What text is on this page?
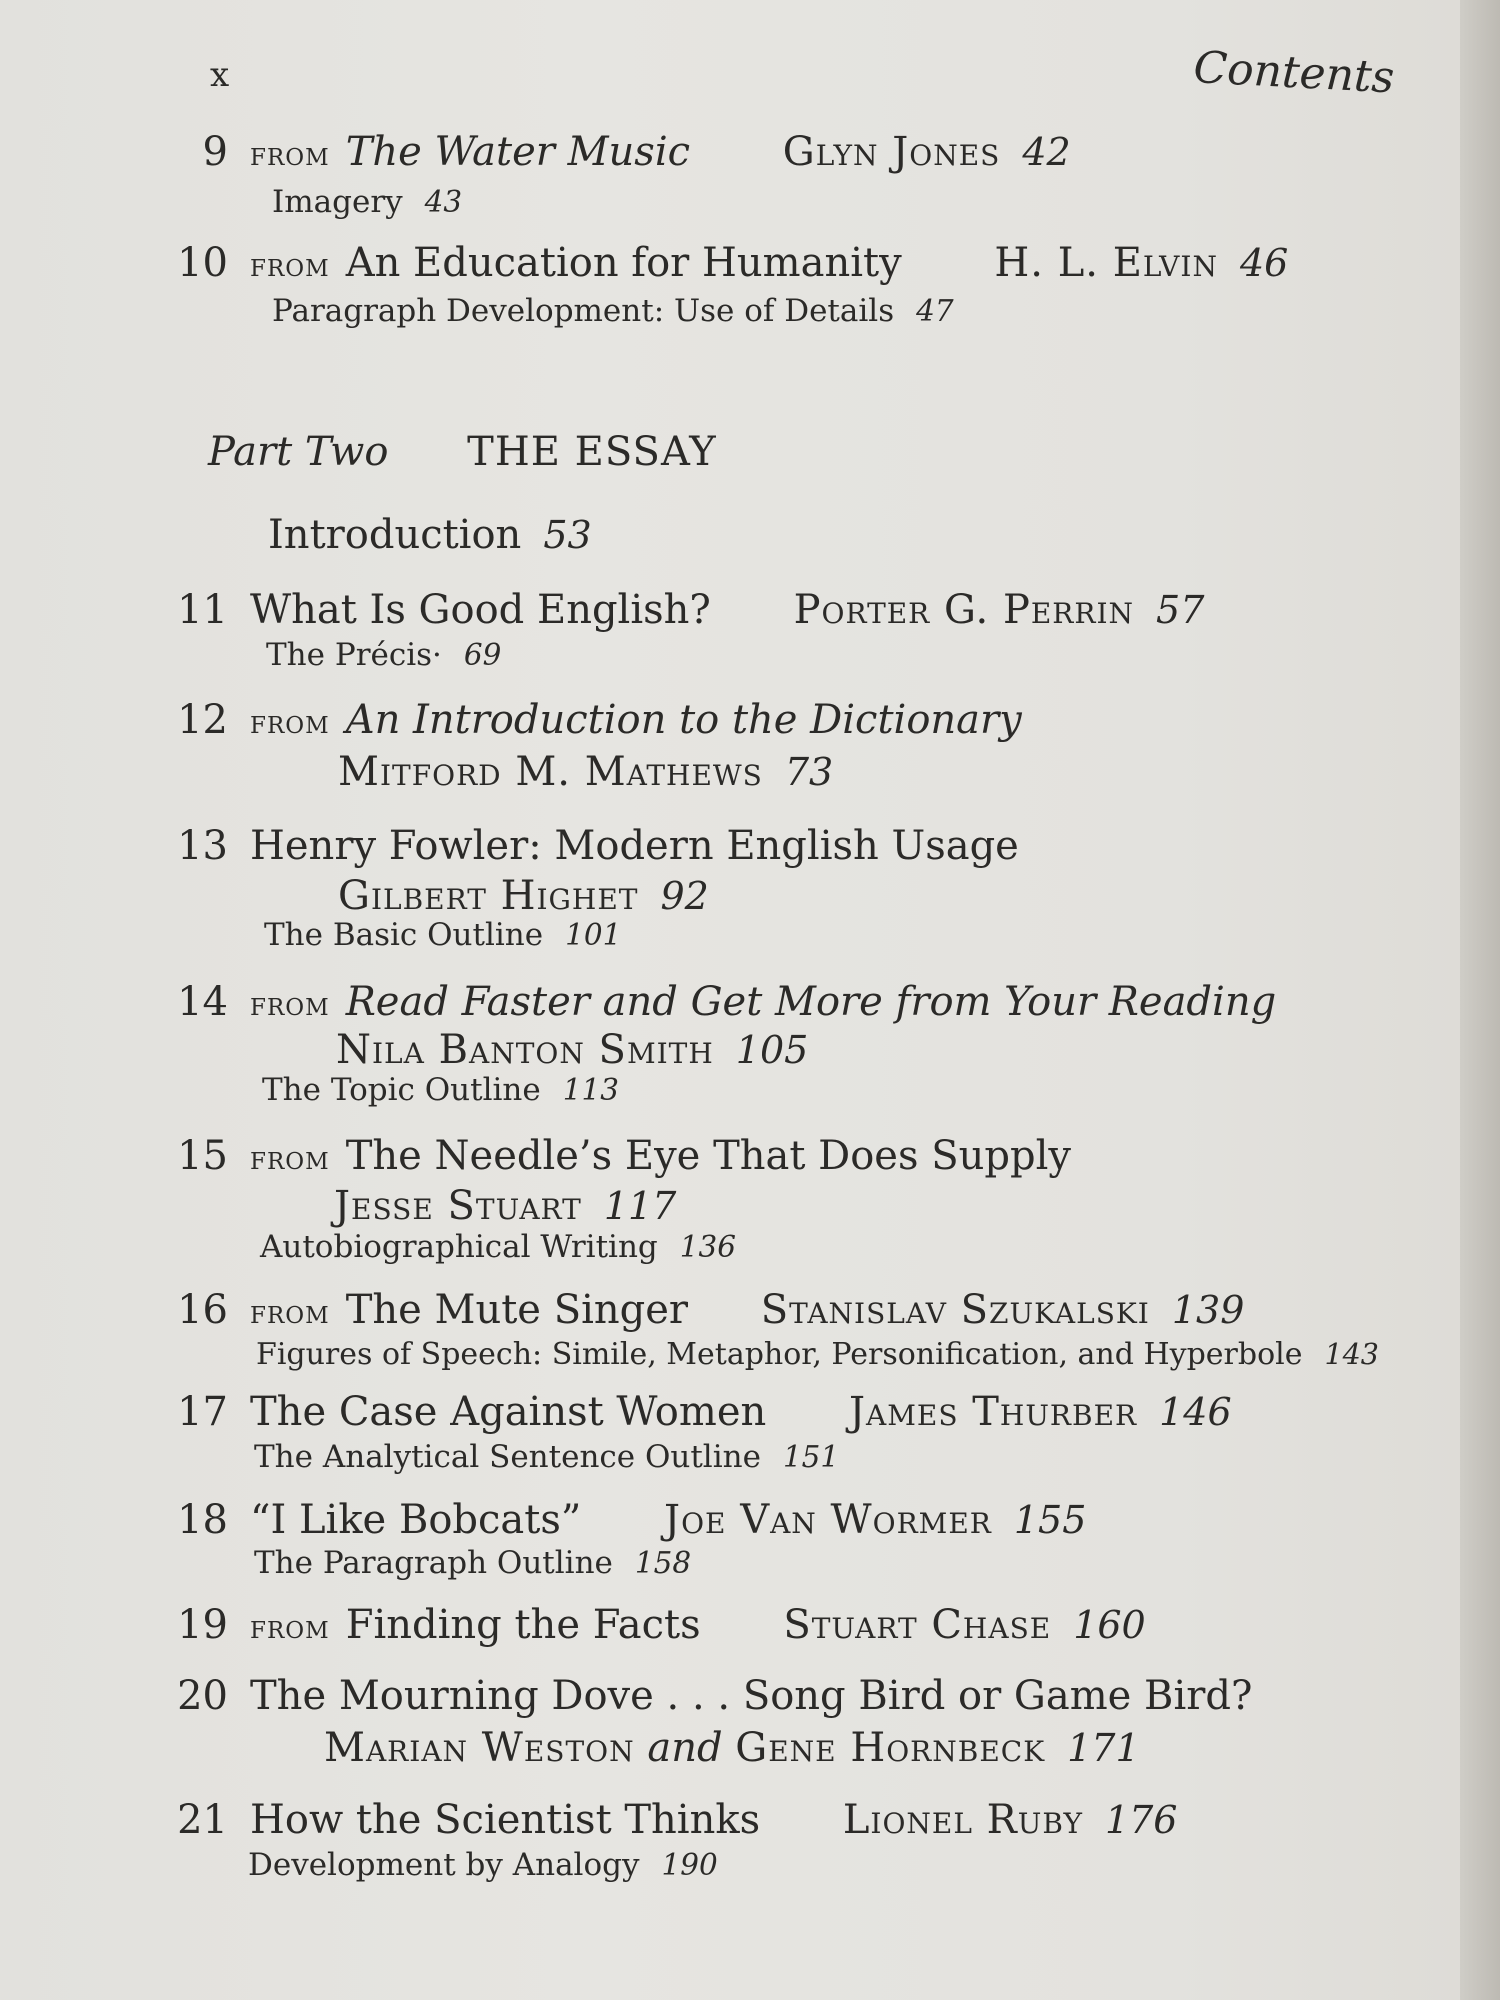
x	Contents
9 from The Water Music Glyn Jones 42
Imagery 43
10 from An Education for Humanity H. L. Elvin 46
Paragraph Development: Use of Details 47
Part Two THE ESSAY
Introduction 53
11 What Is Good English? Porter G. Perrin 57
The Précis· 69
12 from An Introduction to the Dictionary
Mitford M. Mathews 73
13 Henry Fowler: Modern English Usage
Gilbert Highet 92
The Basic Outline 101
14 from Read Faster and Get More from Your Reading
Nila Banton Smith 105
The Topic Outline 113
15 from The Needle’s Eye That Does Supply
Jesse Stuart 117
Autobiographical Writing 136
16 from The Mute Singer Stanislav Szukalski 139
Figures of Speech: Simile, Metaphor, Personification, and Hyperbole 143
17 The Case Against Women James Thurber 146
The Analytical Sentence Outline 151
18 “I Like Bobcats” Joe Van Wormer 155
The Paragraph Outline 158
19 from Finding the Facts Stuart Chase 160
20 The Mourning Dove . . . Song Bird or Game Bird?
Marian Weston and Gene Hornbeck 171
21 How the Scientist Thinks Lionel Ruby 176
Development by Analogy 190
